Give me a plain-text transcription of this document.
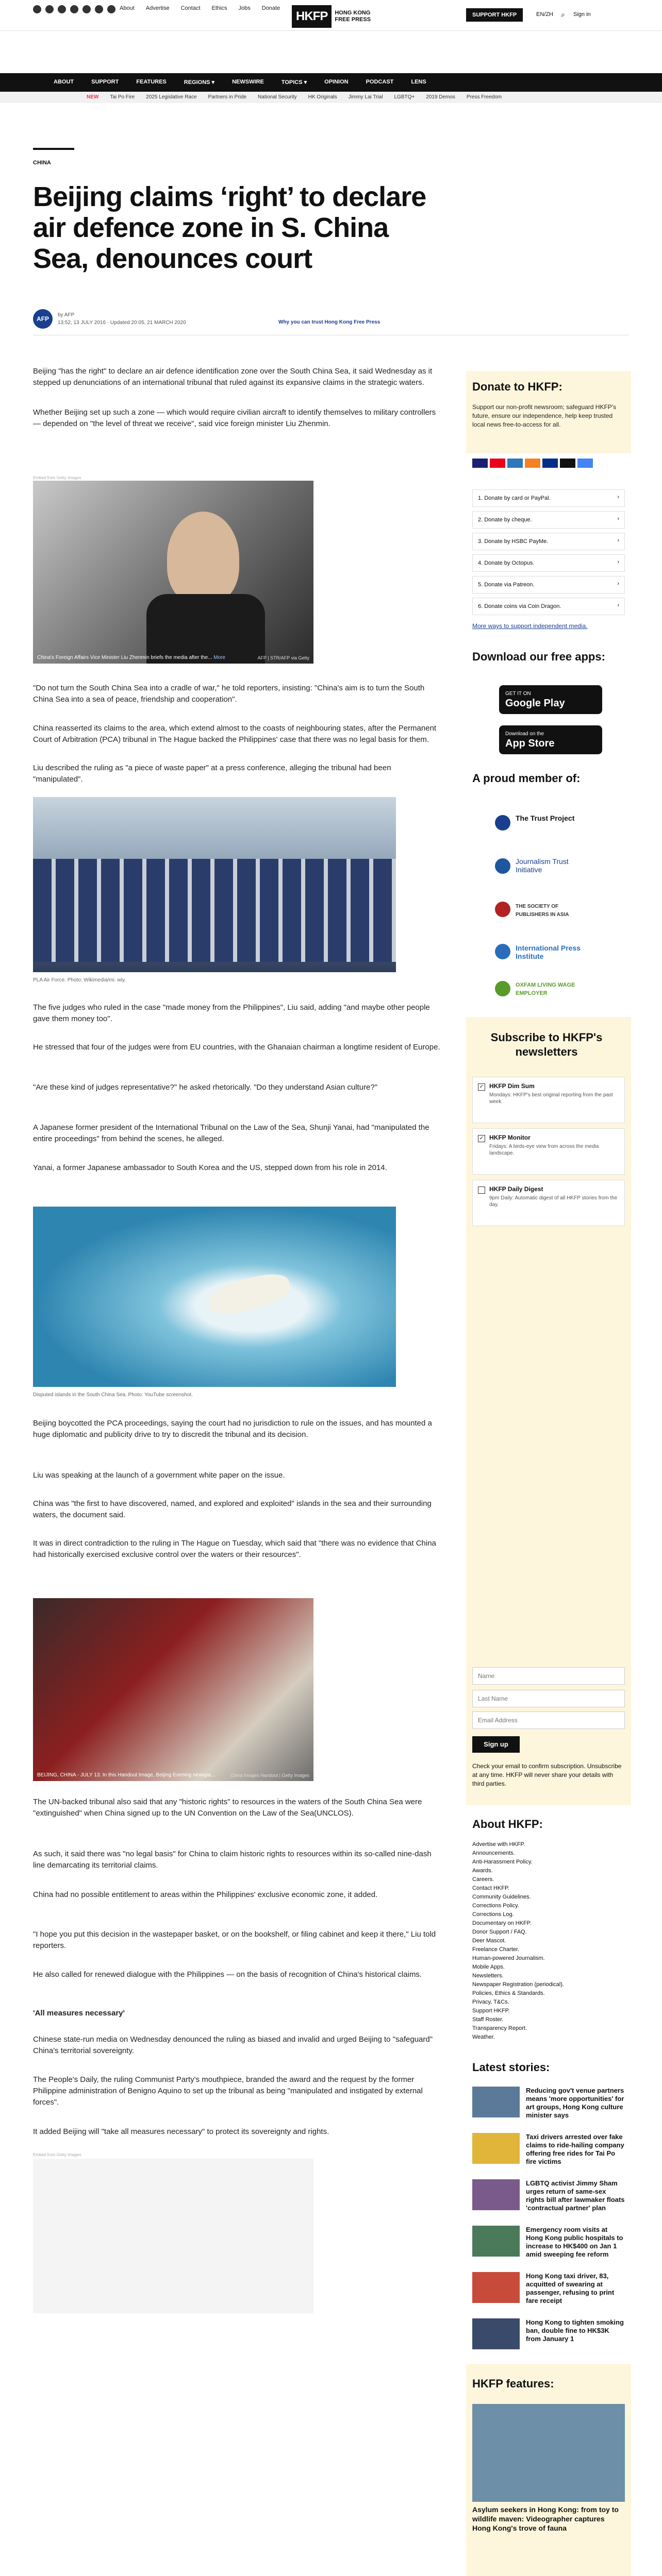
About Advertise Contact Ethics Jobs Donate
HKFP	HONG KONG
FREE PRESS
SUPPORT HKFP	EN/ZH ⌕ Sign in
ABOUT	SUPPORT	FEATURES	REGIONS ▾	NEWSWIRE	TOPICS ▾	OPINION	PODCAST	LENS
NEW Tai Po Fire 2025 Legislative Race Partners in Pride National Security HK Originals Jimmy Lai Trial LGBTQ+ 2019 Demos Press Freedom
CHINA
Beijing claims ‘right’ to declare air defence zone in S. China Sea, denounces court
AFP
by AFP
13:52, 13 JULY 2016 · Updated 20:05, 21 MARCH 2020	Why you can trust Hong Kong Free Press

Beijing "has the right" to declare an air defence identification zone over the South China Sea, it said Wednesday as it stepped up denunciations of an international tribunal that ruled against its expansive claims in the strategic waters.

Whether Beijing set up such a zone — which would require civilian aircraft to identify themselves to military controllers — depended on "the level of threat we receive", said vice foreign minister Liu Zhenmin.

Embed from Getty Images
China's Foreign Affairs Vice Minister Liu Zhenmin briefs the media after the... More	AFP | STR/AFP via Getty

"Do not turn the South China Sea into a cradle of war," he told reporters, insisting: "China's aim is to turn the South China Sea into a sea of peace, friendship and cooperation".

China reasserted its claims to the area, which extend almost to the coasts of neighbouring states, after the Permanent Court of Arbitration (PCA) tribunal in The Hague backed the Philippines' case that there was no legal basis for them.

Liu described the ruling as "a piece of waste paper" at a press conference, alleging the tribunal had been "manipulated".

PLA Air Force. Photo: Wikimedia/mi. wiy.

The five judges who ruled in the case "made money from the Philippines", Liu said, adding "and maybe other people gave them money too".

He stressed that four of the judges were from EU countries, with the Ghanaian chairman a longtime resident of Europe.

"Are these kind of judges representative?" he asked rhetorically. "Do they understand Asian culture?"

A Japanese former president of the International Tribunal on the Law of the Sea, Shunji Yanai, had "manipulated the entire proceedings" from behind the scenes, he alleged.

Yanai, a former Japanese ambassador to South Korea and the US, stepped down from his role in 2014.

Disputed islands in the South China Sea. Photo: YouTube screenshot.

Beijing boycotted the PCA proceedings, saying the court had no jurisdiction to rule on the issues, and has mounted a huge diplomatic and publicity drive to try to discredit the tribunal and its decision.

Liu was speaking at the launch of a government white paper on the issue.

China was "the first to have discovered, named, and explored and exploited" islands in the sea and their surrounding waters, the document said.

It was in direct contradiction to the ruling in The Hague on Tuesday, which said that "there was no evidence that China had historically exercised exclusive control over the waters or their resources".

BEIJING, CHINA - JULY 13: In this Handout Image, Beijing Evening newspa...	China Images Handout | Getty Images

The UN-backed tribunal also said that any "historic rights" to resources in the waters of the South China Sea were "extinguished" when China signed up to the UN Convention on the Law of the Sea(UNCLOS).

As such, it said there was "no legal basis" for China to claim historic rights to resources within its so-called nine-dash line demarcating its territorial claims.

China had no possible entitlement to areas within the Philippines' exclusive economic zone, it added.

"I hope you put this decision in the wastepaper basket, or on the bookshelf, or filing cabinet and keep it there," Liu told reporters.

He also called for renewed dialogue with the Philippines — on the basis of recognition of China's historical claims.

'All measures necessary'

Chinese state-run media on Wednesday denounced the ruling as biased and invalid and urged Beijing to "safeguard" China's territorial sovereignty.

The People's Daily, the ruling Communist Party's mouthpiece, branded the award and the request by the former Philippine administration of Benigno Aquino to set up the tribunal as being "manipulated and instigated by external forces".

It added Beijing will "take all measures necessary" to protect its sovereignty and rights.

Embed from Getty Images

Donate to HKFP:
Support our non-profit newsroom; safeguard HKFP's future, ensure our independence, help keep trusted local news free-to-access for all.
1. Donate by card or PayPal. ›
2. Donate by cheque. ›
3. Donate by HSBC PayMe. ›
4. Donate by Octopus. ›
5. Donate via Patreon. ›
6. Donate coins via Coin Dragon. ›
More ways to support independent media.
Download our free apps:
GET IT ON
Google Play
Download on the
App Store
A proud member of:
The Trust Project
Journalism Trust Initiative
THE SOCIETY OF PUBLISHERS IN ASIA
International Press Institute
OXFAM LIVING WAGE EMPLOYER
Subscribe to HKFP's newsletters
✓ HKFP Dim Sum
Mondays: HKFP's best original reporting from the past week.
✓ HKFP Monitor
Fridays: A birds-eye view from across the media landscape.
HKFP Daily Digest
9pm Daily: Automatic digest of all HKFP stories from the day.
Name
Last Name
Email Address
Sign up

Check your email to confirm subscription. Unsubscribe at any time. HKFP will never share your details with third parties.

About HKFP:
Advertise with HKFP.
Announcements.
Anti-Harassment Policy.
Awards.
Careers.
Contact HKFP.
Community Guidelines.
Corrections Policy.
Corrections Log.
Documentary on HKFP.
Donor Support / FAQ.
Deer Mascot.
Freelance Charter.
Human-powered Journalism.
Mobile Apps.
Newsletters.
Newspaper Registration (periodical).
Policies, Ethics & Standards.
Privacy, T&Cs.
Support HKFP.
Staff Roster.
Transparency Report.
Weather.
Latest stories:
Reducing gov't venue partners means 'more opportunities' for art groups, Hong Kong culture minister says
Taxi drivers arrested over fake claims to ride-hailing company offering free rides for Tai Po fire victims
LGBTQ activist Jimmy Sham urges return of same-sex rights bill after lawmaker floats 'contractual partner' plan
Emergency room visits at Hong Kong public hospitals to increase to HK$400 on Jan 1 amid sweeping fee reform
Hong Kong taxi driver, 83, acquitted of swearing at passenger, refusing to print fare receipt
Hong Kong to tighten smoking ban, double fine to HK$3K from January 1
HKFP features:
Asylum seekers in Hong Kong: from toy to wildlife maven: Videographer captures Hong Kong's trove of fauna
